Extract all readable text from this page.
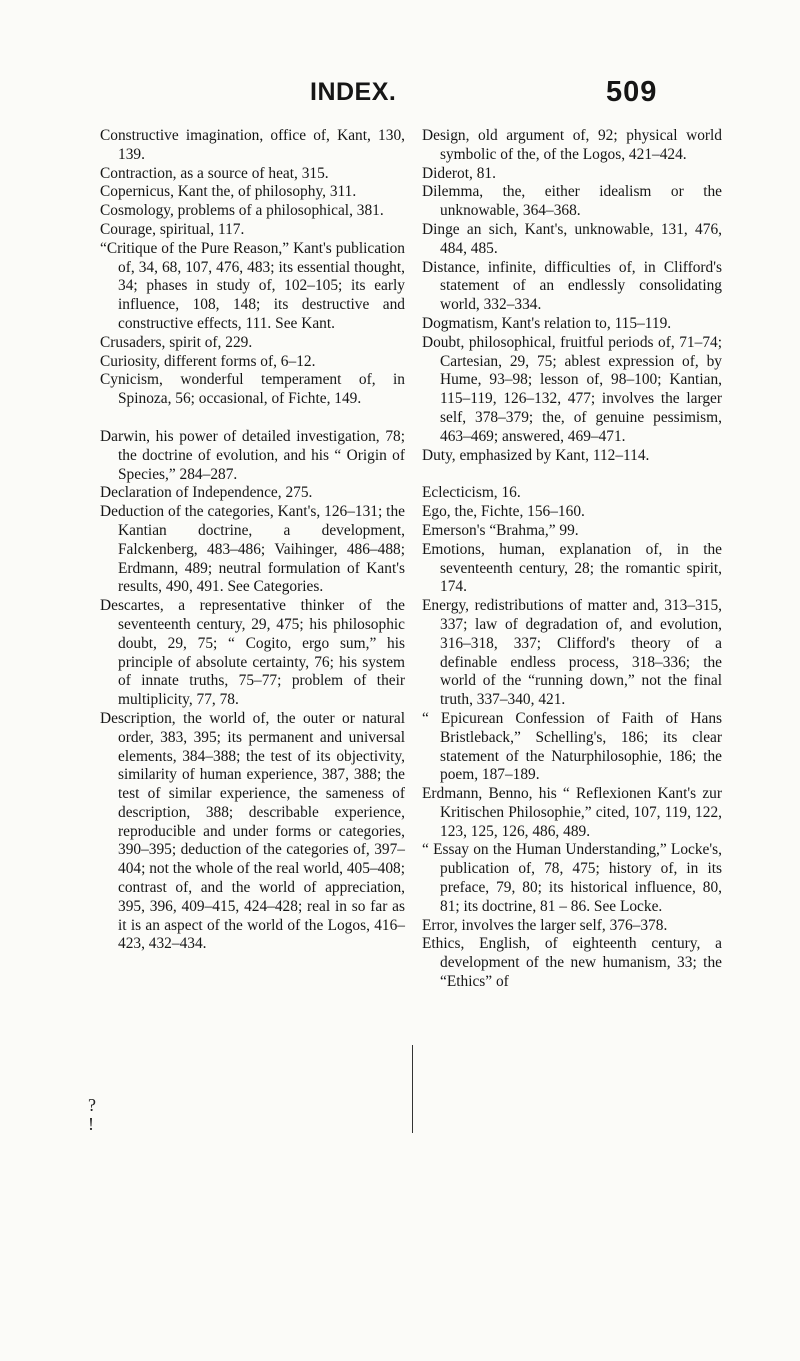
INDEX.	509

Constructive imagination, office of, Kant, 130, 139.

Contraction, as a source of heat, 315.

Copernicus, Kant the, of philosophy, 311.

Cosmology, problems of a philosophical, 381.

Courage, spiritual, 117.

“Critique of the Pure Reason,” Kant's publication of, 34, 68, 107, 476, 483; its essential thought, 34; phases in study of, 102–105; its early influence, 108, 148; its destructive and constructive effects, 111. See Kant.

Crusaders, spirit of, 229.

Curiosity, different forms of, 6–12.

Cynicism, wonderful temperament of, in Spinoza, 56; occasional, of Fichte, 149.

Darwin, his power of detailed investigation, 78; the doctrine of evolution, and his “ Origin of Species,” 284–287.

Declaration of Independence, 275.

Deduction of the categories, Kant's, 126–131; the Kantian doctrine, a development, Falckenberg, 483–486; Vaihinger, 486–488; Erdmann, 489; neutral formulation of Kant's results, 490, 491. See Categories.

Descartes, a representative thinker of the seventeenth century, 29, 475; his philosophic doubt, 29, 75; “ Cogito, ergo sum,” his principle of absolute certainty, 76; his system of innate truths, 75–77; problem of their multiplicity, 77, 78.

Description, the world of, the outer or natural order, 383, 395; its permanent and universal elements, 384–388; the test of its objectivity, similarity of human experience, 387, 388; the test of similar experience, the sameness of description, 388; describable experience, reproducible and under forms or categories, 390–395; deduction of the categories of, 397–404; not the whole of the real world, 405–408; contrast of, and the world of appreciation, 395, 396, 409–415, 424–428; real in so far as it is an aspect of the world of the Logos, 416–423, 432–434.

Design, old argument of, 92; physical world symbolic of the, of the Logos, 421–424.

Diderot, 81.

Dilemma, the, either idealism or the unknowable, 364–368.

Dinge an sich, Kant's, unknowable, 131, 476, 484, 485.

Distance, infinite, difficulties of, in Clifford's statement of an endlessly consolidating world, 332–334.

Dogmatism, Kant's relation to, 115–119.

Doubt, philosophical, fruitful periods of, 71–74; Cartesian, 29, 75; ablest expression of, by Hume, 93–98; lesson of, 98–100; Kantian, 115–119, 126–132, 477; involves the larger self, 378–379; the, of genuine pessimism, 463–469; answered, 469–471.

Duty, emphasized by Kant, 112–114.

Eclecticism, 16.

Ego, the, Fichte, 156–160.

Emerson's “Brahma,” 99.

Emotions, human, explanation of, in the seventeenth century, 28; the romantic spirit, 174.

Energy, redistributions of matter and, 313–315, 337; law of degradation of, and evolution, 316–318, 337; Clifford's theory of a definable endless process, 318–336; the world of the “running down,” not the final truth, 337–340, 421.

“ Epicurean Confession of Faith of Hans Bristleback,” Schelling's, 186; its clear statement of the Naturphilosophie, 186; the poem, 187–189.

Erdmann, Benno, his “ Reflexionen Kant's zur Kritischen Philosophie,” cited, 107, 119, 122, 123, 125, 126, 486, 489.

“ Essay on the Human Understanding,” Locke's, publication of, 78, 475; history of, in its preface, 79, 80; its historical influence, 80, 81; its doctrine, 81 – 86. See Locke.

Error, involves the larger self, 376–378.

Ethics, English, of eighteenth century, a development of the new humanism, 33; the “Ethics” of

?
!
